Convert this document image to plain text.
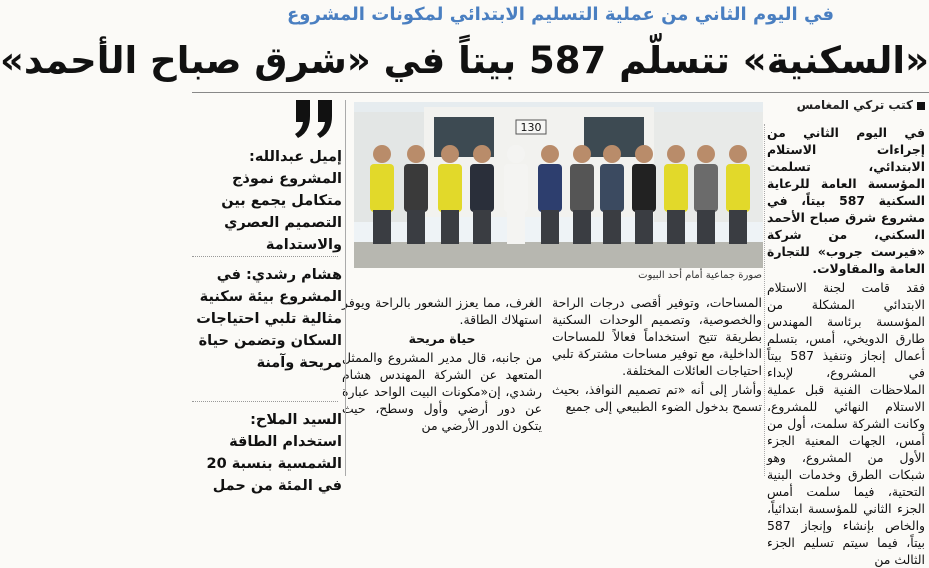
في اليوم الثاني من عملية التسليم الابتدائي لمكونات المشروع
«السكنية» تتسلّم 587 بيتاً في «شرق صباح الأحمد»
كتب تركي المغامس

في اليوم الثاني من إجراءات الاستلام الابتدائي، تسلمت المؤسسة العامة للرعاية السكنية 587 بيتاً، في مشروع شرق صباح الأحمد السكني، من شركة «فيرست جروب» للتجارة العامة والمقاولات.

فقد قامت لجنة الاستلام الابتدائي المشكلة من المؤسسة برئاسة المهندس طارق الدويخي، أمس، بتسلم أعمال إنجاز وتنفيذ 587 بيتاً في المشروع، لإبداء الملاحظات الفنية قبل عملية الاستلام النهائي للمشروع، وكانت الشركة سلمت، أول من أمس، الجهات المعنية الجزء الأول من المشروع، وهو شبكات الطرق وخدمات البنية التحتية، فيما سلمت أمس الجزء الثاني للمؤسسة ابتدائياً، والخاص بإنشاء وإنجاز 587 بيتاً، فيما سيتم تسليم الجزء الثالث من

130
صورة جماعية أمام أحد البيوت

المساحات، وتوفير أقصى درجات الراحة والخصوصية، وتصميم الوحدات السكنية بطريقة تتيح استخداماً فعالاً للمساحات الداخلية، مع توفير مساحات مشتركة تلبي احتياجات العائلات المختلفة.

وأشار إلى أنه «تم تصميم النوافذ، بحيث تسمح بدخول الضوء الطبيعي إلى جميع

الغرف، مما يعزز الشعور بالراحة ويوفر استهلاك الطاقة.

حياة مريحة

من جانبه، قال مدير المشروع والممثل المتعهد عن الشركة المهندس هشام رشدي، إن«مكونات البيت الواحد عبارة عن دور أرضي وأول وسطح، حيث يتكون الدور الأرضي من

إميل عبدالله: المشروع نموذج متكامل يجمع بين التصميم العصري والاستدامة
هشام رشدي: في المشروع بيئة سكنية مثالية تلبي احتياجات السكان وتضمن حياة مريحة وآمنة
السيد الملاح: استخدام الطاقة الشمسية بنسبة 20 في المئة من حمل
